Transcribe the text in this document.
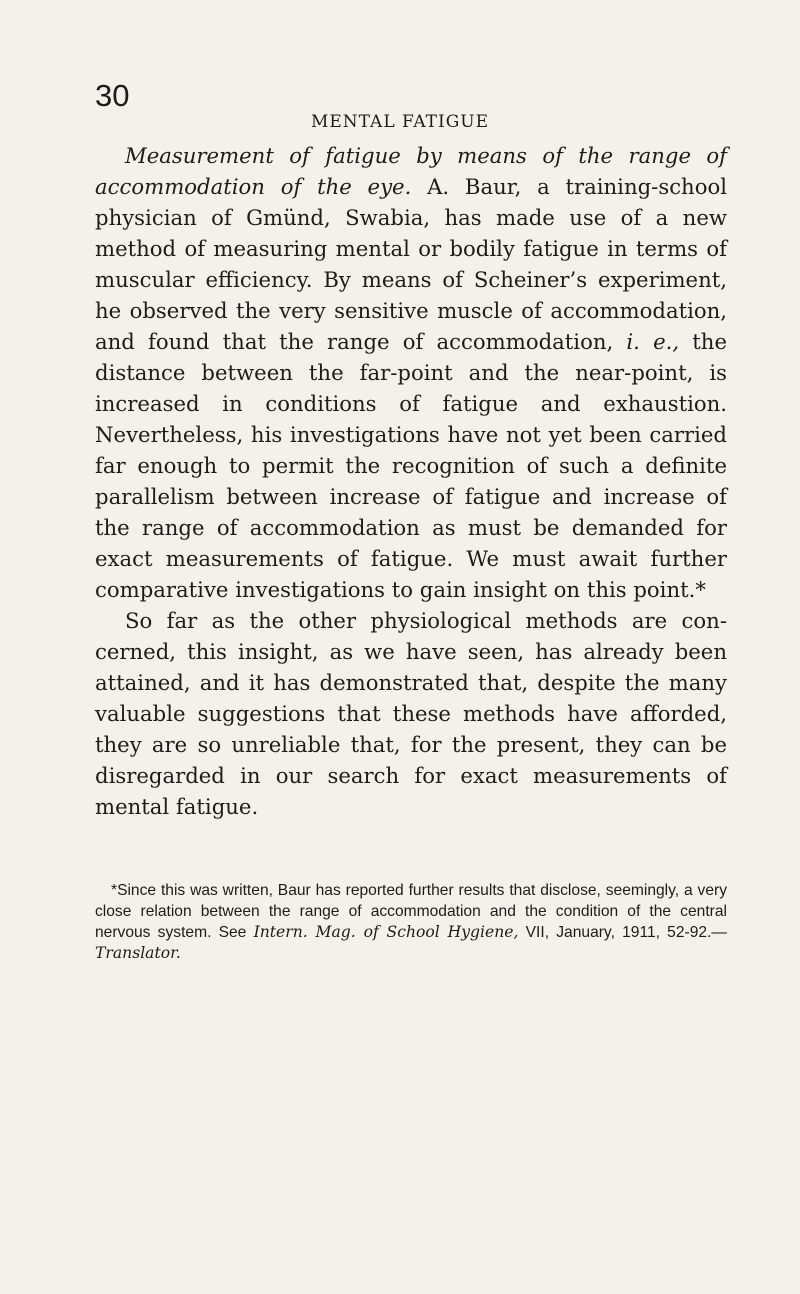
30
MENTAL FATIGUE

Measurement of fatigue by means of the range of accommodation of the eye. A. Baur, a training-school physician of Gmünd, Swabia, has made use of a new method of measuring mental or bodily fatigue in terms of muscular efficiency. By means of Scheiner’s experiment, he observed the very sensitive muscle of accommodation, and found that the range of accommodation, i. e., the distance between the far-point and the near-point, is increased in conditions of fatigue and exhaustion. Nevertheless, his investigations have not yet been carried far enough to permit the recognition of such a definite parallelism between increase of fatigue and increase of the range of accommodation as must be demanded for exact measurements of fatigue. We must await further comparative investigations to gain insight on this point.*

So far as the other physiological methods are concerned, this insight, as we have seen, has already been attained, and it has demonstrated that, despite the many valuable suggestions that these methods have afforded, they are so unreliable that, for the present, they can be disregarded in our search for exact measurements of mental fatigue.

*Since this was written, Baur has reported further results that disclose, seemingly, a very close relation between the range of accommodation and the condition of the central nervous system. See Intern. Mag. of School Hygiene, VII, January, 1911, 52-92.—Translator.
